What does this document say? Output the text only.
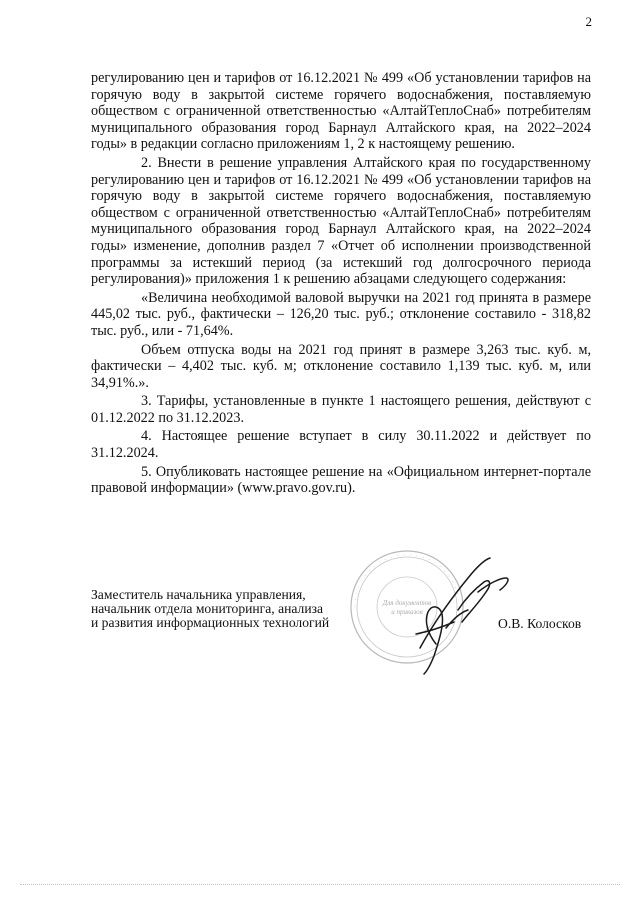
2

регулированию цен и тарифов от 16.12.2021 № 499 «Об установлении тарифов на горячую воду в закрытой системе горячего водоснабжения, поставляемую обществом с ограниченной ответственностью «АлтайТеплоСнаб» потребителям муниципального образования город Барнаул Алтайского края, на 2022–2024 годы» в редакции согласно приложениям 1, 2 к настоящему решению.

2. Внести в решение управления Алтайского края по государственному регулированию цен и тарифов от 16.12.2021 № 499 «Об установлении тарифов на горячую воду в закрытой системе горячего водоснабжения, поставляемую обществом с ограниченной ответственностью «АлтайТеплоСнаб» потребителям муниципального образования город Барнаул Алтайского края, на 2022–2024 годы» изменение, дополнив раздел 7 «Отчет об исполнении производственной программы за истекший период (за истекший год долгосрочного периода регулирования)» приложения 1 к решению абзацами следующего содержания:

«Величина необходимой валовой выручки на 2021 год принята в размере 445,02 тыс. руб., фактически – 126,20 тыс. руб.; отклонение составило - 318,82 тыс. руб., или - 71,64%.

Объем отпуска воды на 2021 год принят в размере 3,263 тыс. куб. м, фактически – 4,402 тыс. куб. м; отклонение составило 1,139 тыс. куб. м, или 34,91%.».

3. Тарифы, установленные в пункте 1 настоящего решения, действуют с 01.12.2022 по 31.12.2023.

4. Настоящее решение вступает в силу 30.11.2022 и действует по 31.12.2024.

5. Опубликовать настоящее решение на «Официальном интернет-портале правовой информации» (www.pravo.gov.ru).

· · · · · · · · · · · · · · · · · · · · · · · · ·
Для документов
и приказов
Заместитель начальника управления,
начальник отдела мониторинга, анализа
и развития информационных технологий	О.В. Колосков
